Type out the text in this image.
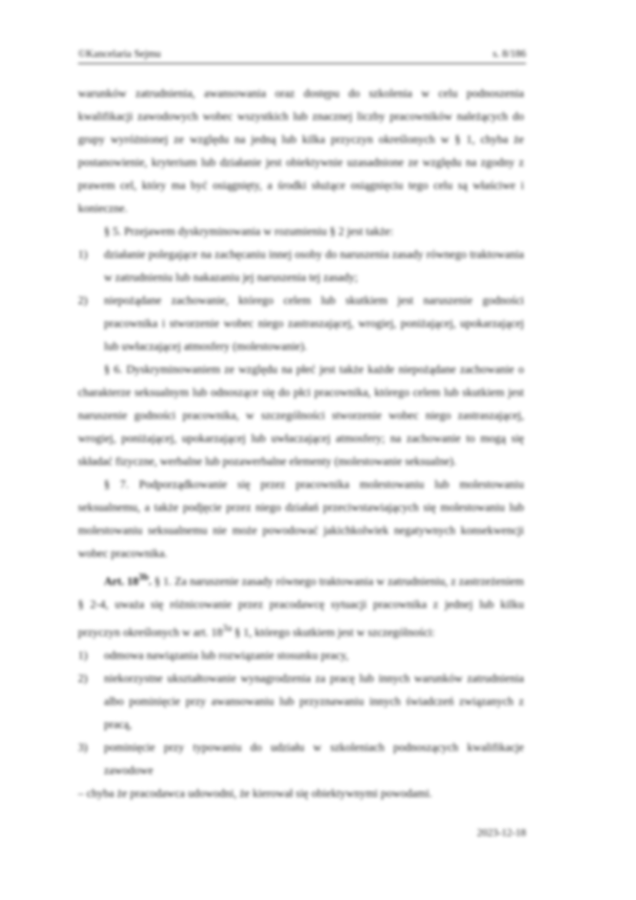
©Kancelaria Sejmu	s. 8/186

warunków zatrudnienia, awansowania oraz dostępu do szkolenia w celu podnoszenia kwalifikacji zawodowych wobec wszystkich lub znacznej liczby pracowników należących do grupy wyróżnionej ze względu na jedną lub kilka przyczyn określonych w § 1, chyba że postanowienie, kryterium lub działanie jest obiektywnie uzasadnione ze względu na zgodny z prawem cel, który ma być osiągnięty, a środki służące osiągnięciu tego celu są właściwe i konieczne.

§ 5. Przejawem dyskryminowania w rozumieniu § 2 jest także:

1)	działanie polegające na zachęcaniu innej osoby do naruszenia zasady równego traktowania w zatrudnieniu lub nakazaniu jej naruszenia tej zasady;
2)	niepożądane zachowanie, którego celem lub skutkiem jest naruszenie godności pracownika i stworzenie wobec niego zastraszającej, wrogiej, poniżającej, upokarzającej lub uwłaczającej atmosfery (molestowanie).

§ 6. Dyskryminowaniem ze względu na płeć jest także każde niepożądane zachowanie o charakterze seksualnym lub odnoszące się do płci pracownika, którego celem lub skutkiem jest naruszenie godności pracownika, w szczególności stworzenie wobec niego zastraszającej, wrogiej, poniżającej, upokarzającej lub uwłaczającej atmosfery; na zachowanie to mogą się składać fizyczne, werbalne lub pozawerbalne elementy (molestowanie seksualne).

§ 7. Podporządkowanie się przez pracownika molestowaniu lub molestowaniu seksualnemu, a także podjęcie przez niego działań przeciwstawiających się molestowaniu lub molestowaniu seksualnemu nie może powodować jakichkolwiek negatywnych konsekwencji wobec pracownika.

Art. $18^{3b}$. § 1. Za naruszenie zasady równego traktowania w zatrudnieniu, z zastrzeżeniem § 2-4, uważa się różnicowanie przez pracodawcę sytuacji pracownika z jednej lub kilku przyczyn określonych w art. $18^{3a}$ § 1, którego skutkiem jest w szczególności:

1)	odmowa nawiązania lub rozwiązanie stosunku pracy,
2)	niekorzystne ukształtowanie wynagrodzenia za pracę lub innych warunków zatrudnienia albo pominięcie przy awansowaniu lub przyznawaniu innych świadczeń związanych z pracą,
3)	pominięcie przy typowaniu do udziału w szkoleniach podnoszących kwalifikacje zawodowe

– chyba że pracodawca udowodni, że kierował się obiektywnymi powodami.

2023-12-18
